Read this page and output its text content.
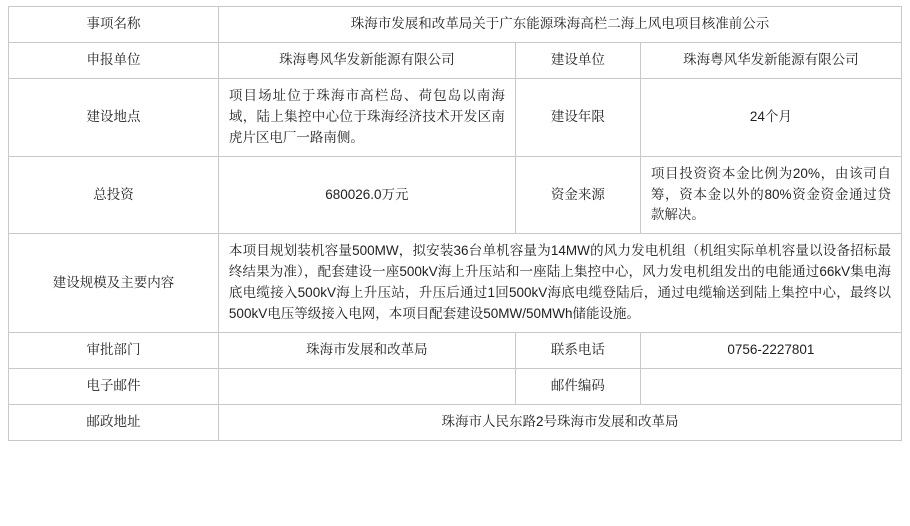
事项名称	珠海市发展和改革局关于广东能源珠海高栏二海上风电项目核准前公示		
申报单位	珠海粤风华发新能源有限公司	建设单位	珠海粤风华发新能源有限公司
建设地点	项目场址位于珠海市高栏岛、荷包岛以南海域，陆上集控中心位于珠海经济技术开发区南虎片区电厂一路南侧。	建设年限	24个月
总投资	680026.0万元	资金来源	项目投资资本金比例为20%，由该司自筹，资本金以外的80%资金资金通过贷款解决。
建设规模及主要内容	本项目规划装机容量500MW，拟安装36台单机容量为14MW的风力发电机组（机组实际单机容量以设备招标最终结果为准），配套建设一座500kV海上升压站和一座陆上集控中心，风力发电机组发出的电能通过66kV集电海底电缆接入500kV海上升压站，升压后通过1回500kV海底电缆登陆后，通过电缆输送到陆上集控中心，最终以500kV电压等级接入电网，本项目配套建设50MW/50MWh储能设施。		
审批部门	珠海市发展和改革局	联系电话	0756-2227801
电子邮件		邮件编码	
邮政地址	珠海市人民东路2号珠海市发展和改革局		
